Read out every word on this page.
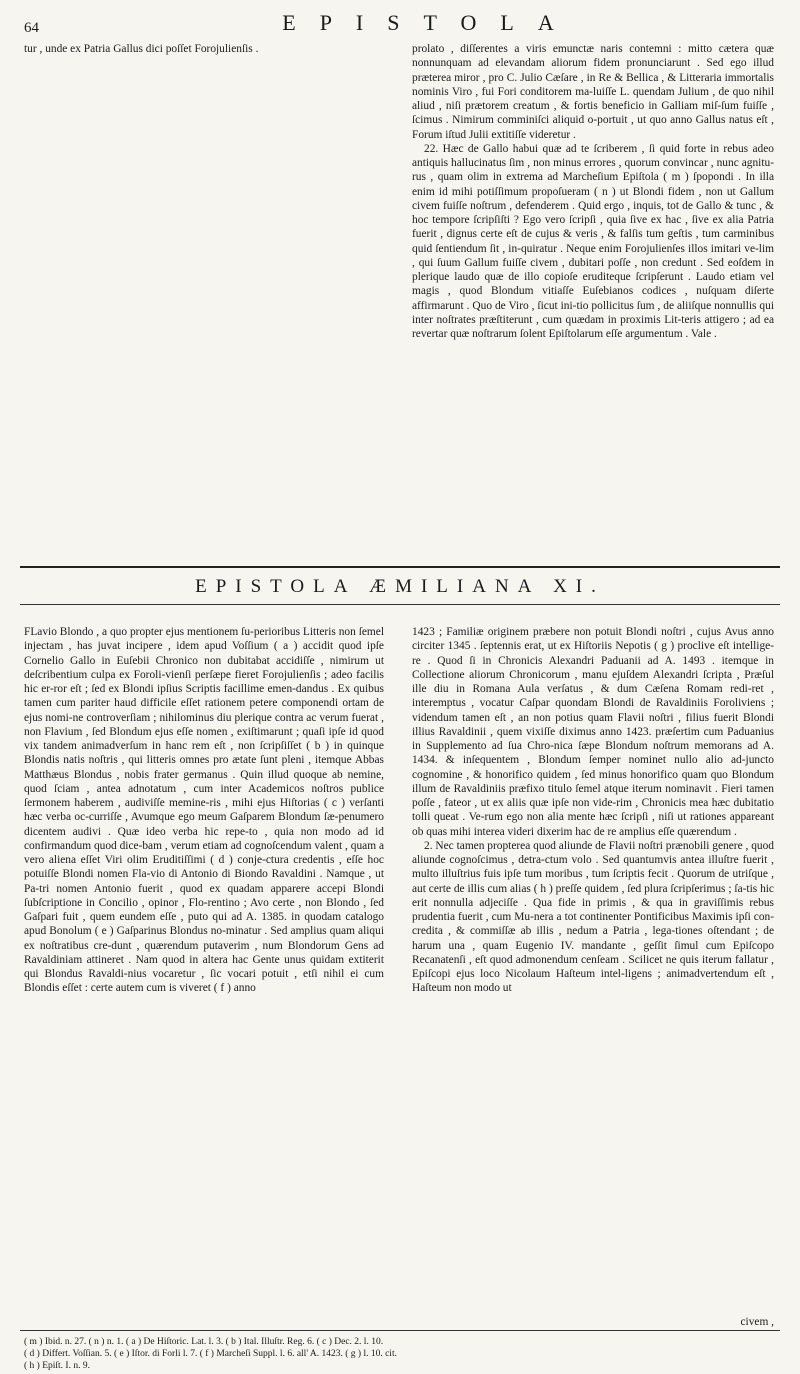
64	EPISTOLA

tur , unde ex Patria Gallus dici poſſet Forojulienſis .	prolato , diſſerentes a viris emunctæ naris contemni : mitto cætera quæ nonnunquam ad elevandam aliorum fidem pronunciarunt . Sed ego illud præterea miror , pro C. Julio Cæſare , in Re & Bellica , & Litteraria immortalis nominis Viro , fui Fori conditorem ma-luiſſe L. quendam Julium , de quo nihil aliud , niſi prætorem creatum , & fortis beneficio in Galliam miſ-ſum fuiſſe , ſcimus . Nimirum comminiſci aliquid o-portuit , ut quo anno Gallus natus eſt , Forum iſtud Julii extitiſſe videretur .

22. Hæc de Gallo habui quæ ad te ſcriberem , ſi quid forte in rebus adeo antiquis hallucinatus ſim , non minus errores , quorum convincar , nunc agnitu-rus , quam olim in extrema ad Marcheſium Epiſtola ( m ) ſpopondi . In illa enim id mihi potiſſimum propoſueram ( n ) ut Blondi fidem , non ut Gallum civem fuiſſe noſtrum , defenderem . Quid ergo , inquis, tot de Gallo & tunc , & hoc tempore ſcripſiſti ? Ego vero ſcripſi , quia ſive ex hac , ſive ex alia Patria fuerit , dignus certe eſt de cujus & veris , & falſis tum geſtis , tum carminibus quid ſentiendum ſit , in-quiratur . Neque enim Forojulienſes illos imitari ve-lim , qui ſuum Gallum fuiſſe civem , dubitari poſſe , non credunt . Sed eoſdem in plerique laudo quæ de illo copioſe eruditeque ſcripſerunt . Laudo etiam vel magis , quod Blondum vitiaſſe Euſebianos codices , nuſquam diſerte affirmarunt . Quo de Viro , ſicut ini-tio pollicitus ſum , de aliiſque nonnullis qui inter noſtrates præſtiterunt , cum quædam in proximis Lit-teris attigero ; ad ea revertar quæ noſtrarum ſolent Epiſtolarum eſſe argumentum . Vale .

EPISTOLA ÆMILIANA XI.

FLavio Blondo , a quo propter ejus mentionem ſu-perioribus Litteris non ſemel injectam , has juvat incipere , idem apud Voſſium ( a ) accidit quod ipſe Cornelio Gallo in Euſebii Chronico non dubitabat accidiſſe , nimirum ut deſcribentium culpa ex Foroli-vienſi perſæpe fieret Forojulienſis ; adeo facilis hic er-ror eſt ; ſed ex Blondi ipſius Scriptis facillime emen-dandus . Ex quibus tamen cum pariter haud difficile eſſet rationem petere componendi ortam de ejus nomi-ne controverſiam ; nihilominus diu plerique contra ac verum fuerat , non Flavium , ſed Blondum ejus eſſe nomen , exiſtimarunt ; quaſi ipſe id quod vix tandem animadverſum in hanc rem eſt , non ſcripſiſſet ( b ) in quinque Blondis natis noſtris , qui litteris omnes pro ætate ſunt pleni , itemque Abbas Matthæus Blondus , nobis frater germanus . Quin illud quoque ab nemine, quod ſciam , antea adnotatum , cum inter Academicos noſtros publice ſermonem haberem , audiviſſe memine-ris , mihi ejus Hiſtorias ( c ) verſanti hæc verba oc-curriſſe , Avumque ego meum Gaſparem Blondum ſæ-penumero dicentem audivi . Quæ ideo verba hic repe-to , quia non modo ad id confirmandum quod dice-bam , verum etiam ad cognoſcendum valent , quam a vero aliena eſſet Viri olim Eruditiſſimi ( d ) conje-ctura credentis , eſſe hoc potuiſſe Blondi nomen Fla-vio di Antonio di Biondo Ravaldini . Namque , ut Pa-tri nomen Antonio fuerit , quod ex quadam apparere accepi Blondi ſubſcriptione in Concilio , opinor , Flo-rentino ; Avo certe , non Blondo , ſed Gaſpari fuit , quem eundem eſſe , puto qui ad A. 1385. in quodam catalogo apud Bonolum ( e ) Gaſparinus Blondus no-minatur . Sed amplius quam aliqui ex noſtratibus cre-dunt , quærendum putaverim , num Blondorum Gens ad Ravaldiniam attineret . Nam quod in altera hac Gente unus quidam extiterit qui Blondus Ravaldi-nius vocaretur , ſic vocari potuit , etſi nihil ei cum Blondis eſſet : certe autem cum is viveret ( f ) anno

1423 ; Familiæ originem præbere non potuit Blondi noſtri , cujus Avus anno circiter 1345 . ſeptennis erat, ut ex Hiſtoriis Nepotis ( g ) proclive eſt intellige-re . Quod ſi in Chronicis Alexandri Paduanii ad A. 1493 . itemque in Collectione aliorum Chronicorum , manu ejuſdem Alexandri ſcripta , Præſul ille diu in Romana Aula verſatus , & dum Cæſena Romam redi-ret , interemptus , vocatur Caſpar quondam Blondi de Ravaldiniis Foroliviens ; videndum tamen eſt , an non potius quam Flavii noſtri , filius fuerit Blondi illius Ravaldinii , quem vixiſſe diximus anno 1423. præſertim cum Paduanius in Supplemento ad ſua Chro-nica ſæpe Blondum noſtrum memorans ad A. 1434. & inſequentem , Blondum ſemper nominet nullo alio ad-juncto cognomine , & honorifico quidem , ſed minus honorifico quam quo Blondum illum de Ravaldiniis præfixo titulo ſemel atque iterum nominavit . Fieri tamen poſſe , fateor , ut ex aliis quæ ipſe non vide-rim , Chronicis mea hæc dubitatio tolli queat . Ve-rum ego non alia mente hæc ſcripſi , niſi ut rationes appareant ob quas mihi interea videri dixerim hac de re amplius eſſe quærendum .

2. Nec tamen propterea quod aliunde de Flavii noſtri prænobili genere , quod aliunde cognoſcimus , detra-ctum volo . Sed quantumvis antea illuſtre fuerit , multo illuſtrius fuis ipſe tum moribus , tum ſcriptis fecit . Quorum de utriſque , aut certe de illis cum alias ( h ) preſſe quidem , ſed plura ſcripſerimus ; ſa-tis hic erit nonnulla adjeciſſe . Qua fide in primis , & qua in graviſſimis rebus prudentia fuerit , cum Mu-nera a tot continenter Pontificibus Maximis ipſi con-credita , & commiſſæ ab illis , nedum a Patria , lega-tiones oſtendant ; de harum una , quam Eugenio IV. mandante , geſſit ſimul cum Epiſcopo Recanatenſi , eſt quod admonendum cenſeam . Scilicet ne quis iterum fallatur , Epiſcopi ejus loco Nicolaum Haſteum intel-ligens ; animadvertendum eſt , Haſteum non modo ut

civem ,
( m ) Ibid. n. 27. ( n ) n. 1. ( a ) De Hiſtoric. Lat. l. 3. ( b ) Ital. Illuſtr. Reg. 6. ( c ) Dec. 2. l. 10.
( d ) Differt. Voſſian. 5. ( e ) Iſtor. di Forli l. 7. ( f ) Marcheſi Suppl. l. 6. all' A. 1423. ( g ) l. 10. cit.
( h ) Epiſt. I. n. 9.
